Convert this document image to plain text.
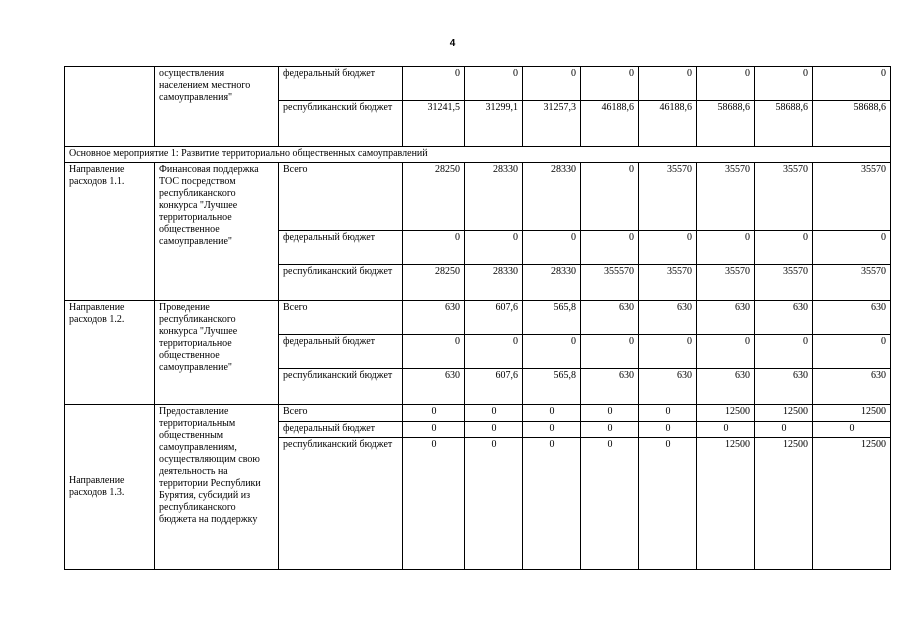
4
	осуществления населением местного самоуправления"	федеральный бюджет	0	0	0	0	0	0	0	0
		республиканский бюджет	31241,5	31299,1	31257,3	46188,6	46188,6	58688,6	58688,6	58688,6
Основное мероприятие 1: Развитие территориально общественных самоуправлений										
Направление расходов 1.1.	Финансовая поддержка ТОС посредством республиканского конкурса "Лучшее территориальное общественное самоуправление"	Всего	28250	28330	28330	0	35570	35570	35570	35570
		федеральный бюджет	0	0	0	0	0	0	0	0
		республиканский бюджет	28250	28330	28330	355570	35570	35570	35570	35570
Направление расходов 1.2.	Проведение республиканского конкурса "Лучшее территориальное общественное самоуправление"	Всего	630	607,6	565,8	630	630	630	630	630
		федеральный бюджет	0	0	0	0	0	0	0	0
		республиканский бюджет	630	607,6	565,8	630	630	630	630	630
Направление расходов 1.3.	Предоставление территориальным общественным самоуправлениям, осуществляющим свою деятельность на территории Республики Бурятия, субсидий из республиканского бюджета на поддержку	Всего	0	0	0	0	0	12500	12500	12500
		федеральный бюджет	0	0	0	0	0	0	0	0
		республиканский бюджет	0	0	0	0	0	12500	12500	12500
